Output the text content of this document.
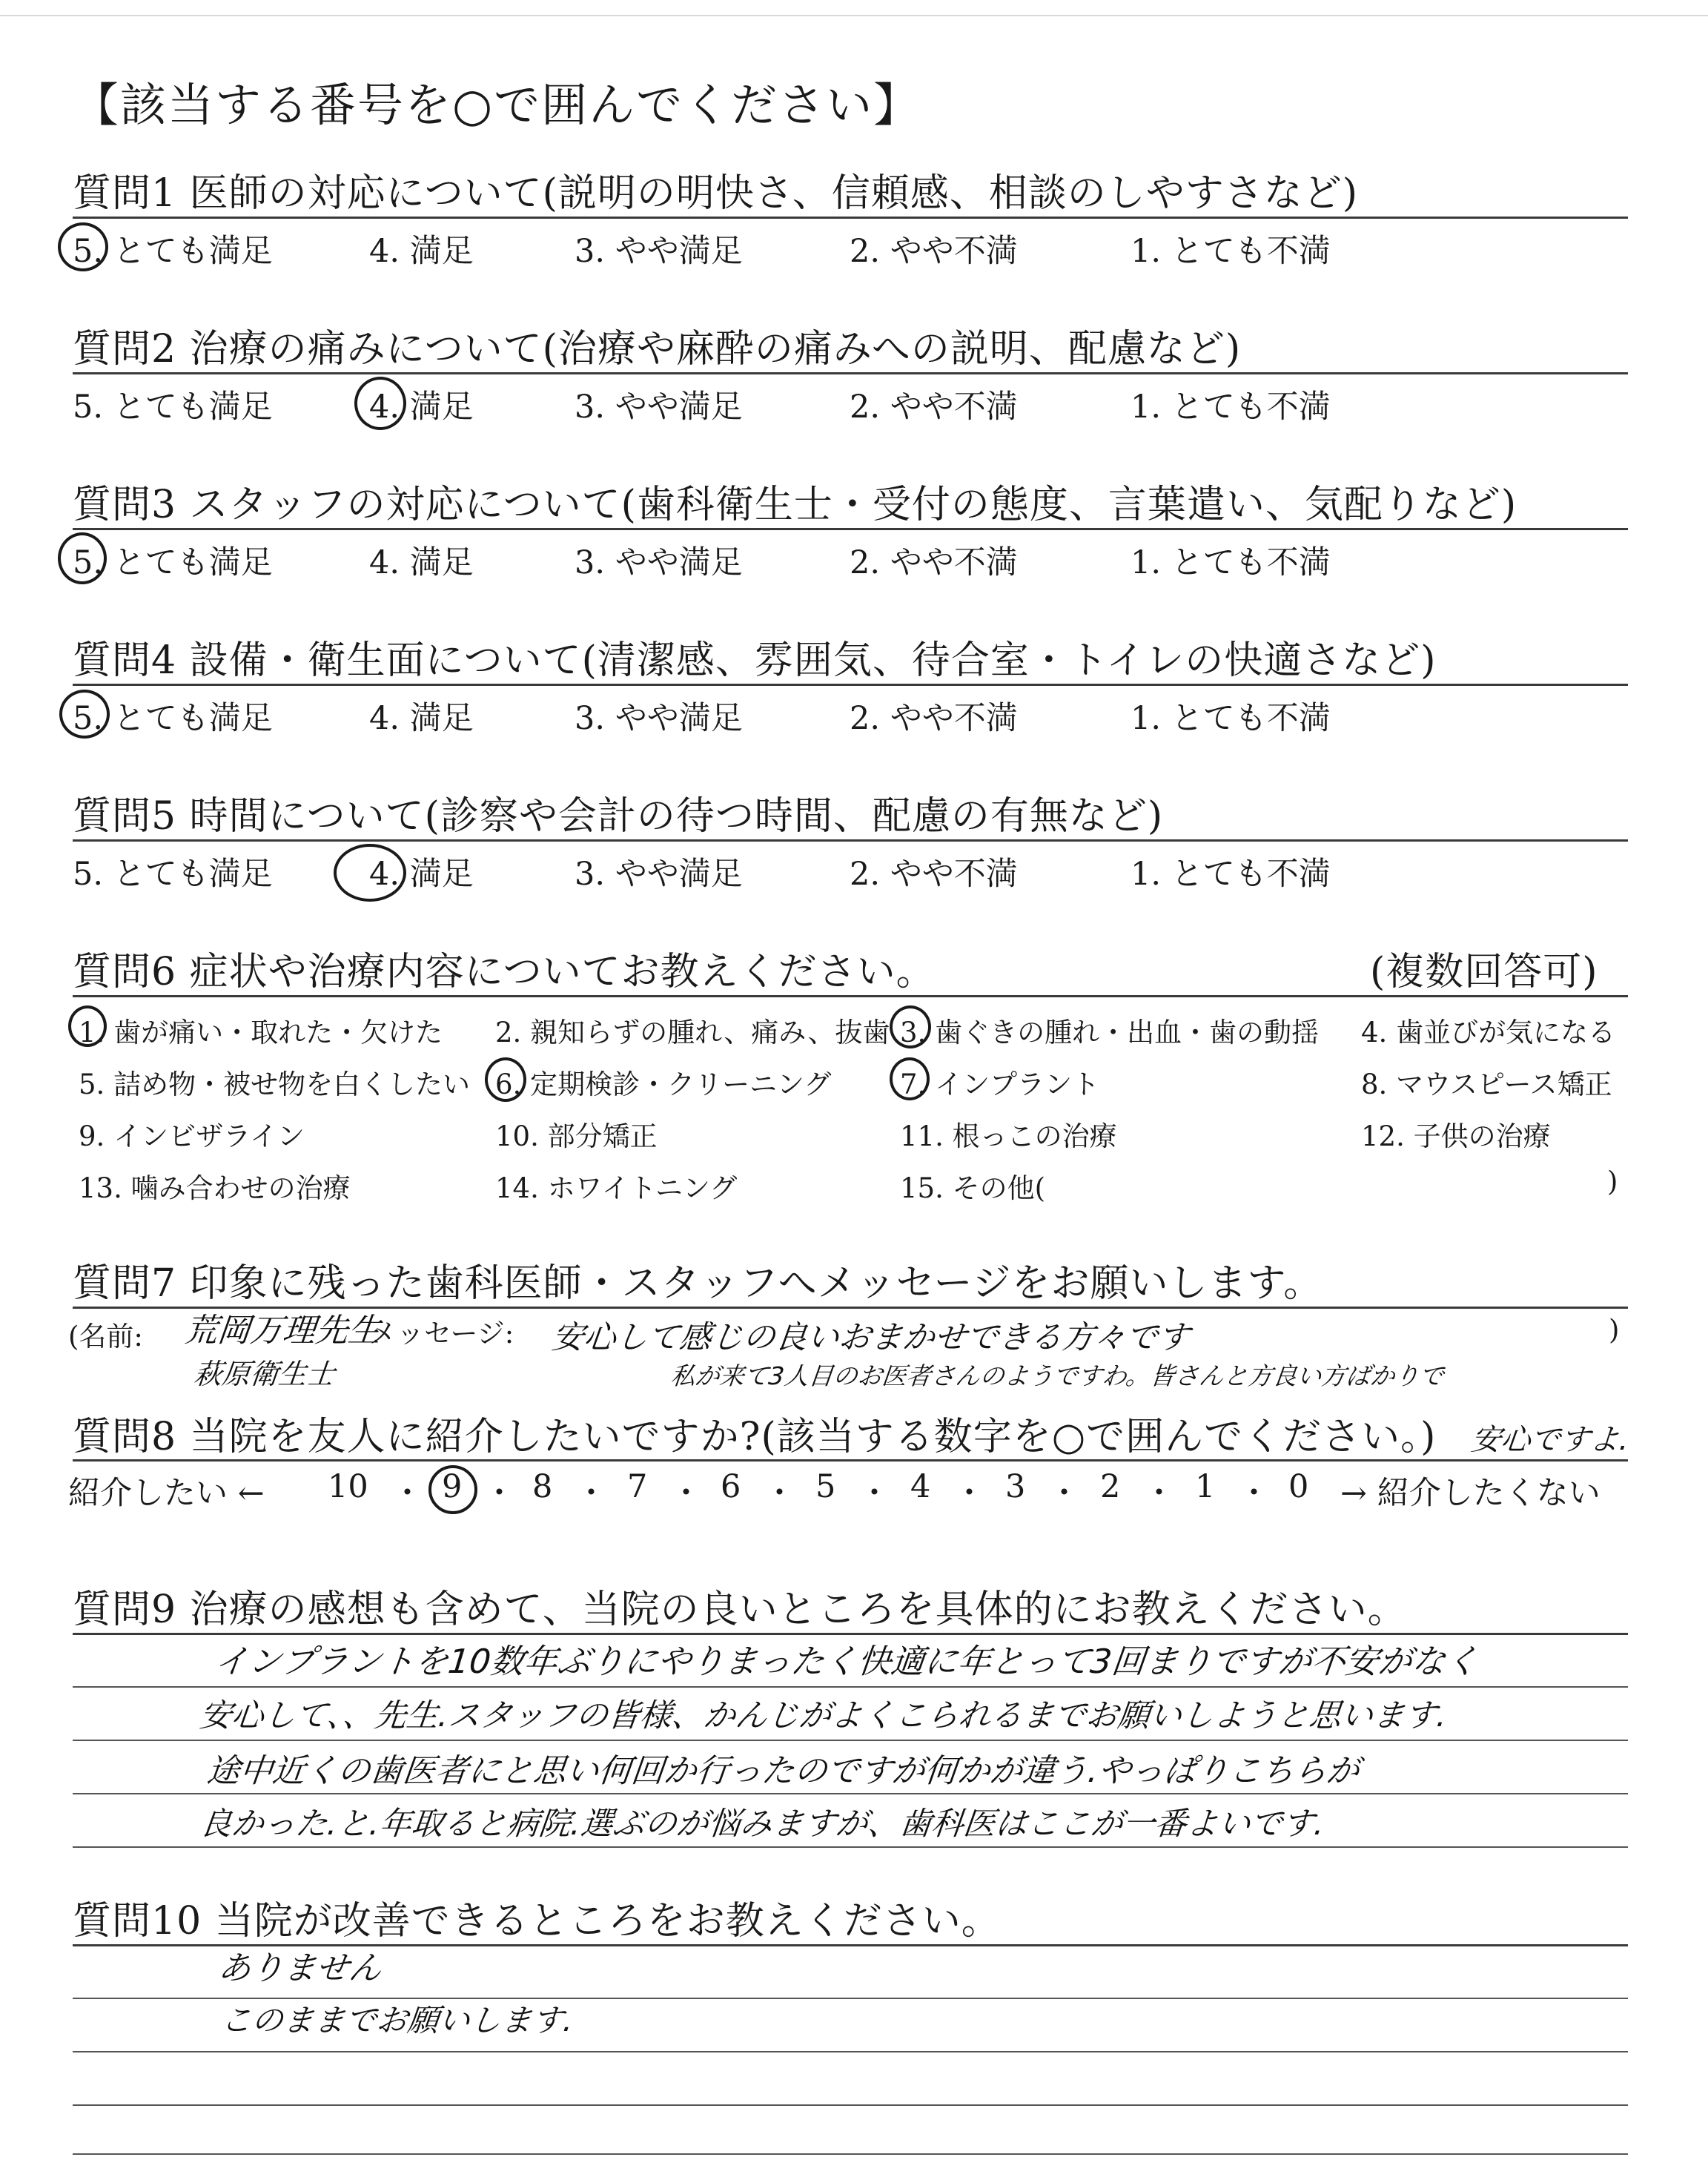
【該当する番号を○で囲んでください】
質問1 医師の対応について(説明の明快さ、信頼感、相談のしやすさなど)
5. とても満足	4. 満足	3. やや満足	2. やや不満	1. とても不満
質問2 治療の痛みについて(治療や麻酔の痛みへの説明、配慮など)
5. とても満足	4. 満足	3. やや満足	2. やや不満	1. とても不満
質問3 スタッフの対応について(歯科衛生士・受付の態度、言葉遣い、気配りなど)
5. とても満足	4. 満足	3. やや満足	2. やや不満	1. とても不満
質問4 設備・衛生面について(清潔感、雰囲気、待合室・トイレの快適さなど)
5. とても満足	4. 満足	3. やや満足	2. やや不満	1. とても不満
質問5 時間について(診察や会計の待つ時間、配慮の有無など)
5. とても満足	4. 満足	3. やや満足	2. やや不満	1. とても不満
質問6 症状や治療内容についてお教えください。	(複数回答可)
1. 歯が痛い・取れた・欠けた 2. 親知らずの腫れ、痛み、抜歯 3. 歯ぐきの腫れ・出血・歯の動揺 4. 歯並びが気になる
5. 詰め物・被せ物を白くしたい 6. 定期検診・クリーニング	7. インプラント	8. マウスピース矯正
9. インビザライン	10. 部分矯正	11. 根っこの治療	12. 子供の治療
13. 噛み合わせの治療	14. ホワイトニング	15. その他(	)
質問7 印象に残った歯科医師・スタッフへメッセージをお願いします。
(名前:	メッセージ:	)
荒岡万理先生
萩原衛生士
安心して感じの良いおまかせできる方々です
私が来て3人目のお医者さんのようですわ。皆さんと方良い方ばかりで
安心ですよ.
質問8 当院を友人に紹介したいですか?(該当する数字を○で囲んでください。)
紹介したい ←	→ 紹介したくない
10 ・ 9 ・ 8 ・ 7 ・ 6 ・ 5 ・ 4 ・ 3 ・ 2 ・ 1 ・ 0
質問9 治療の感想も含めて、当院の良いところを具体的にお教えください。
インプラントを10数年ぶりにやりまったく快適に年とって3回まりですが不安がなく
安心して、、先生.スタッフの皆様、かんじがよくこられるまでお願いしようと思います.
途中近くの歯医者にと思い何回か行ったのですが何かが違う.やっぱりこちらが
良かった.と.年取ると病院.選ぶのが悩みますが、歯科医はここが一番よいです.
質問10 当院が改善できるところをお教えください。
ありません
このままでお願いします.
